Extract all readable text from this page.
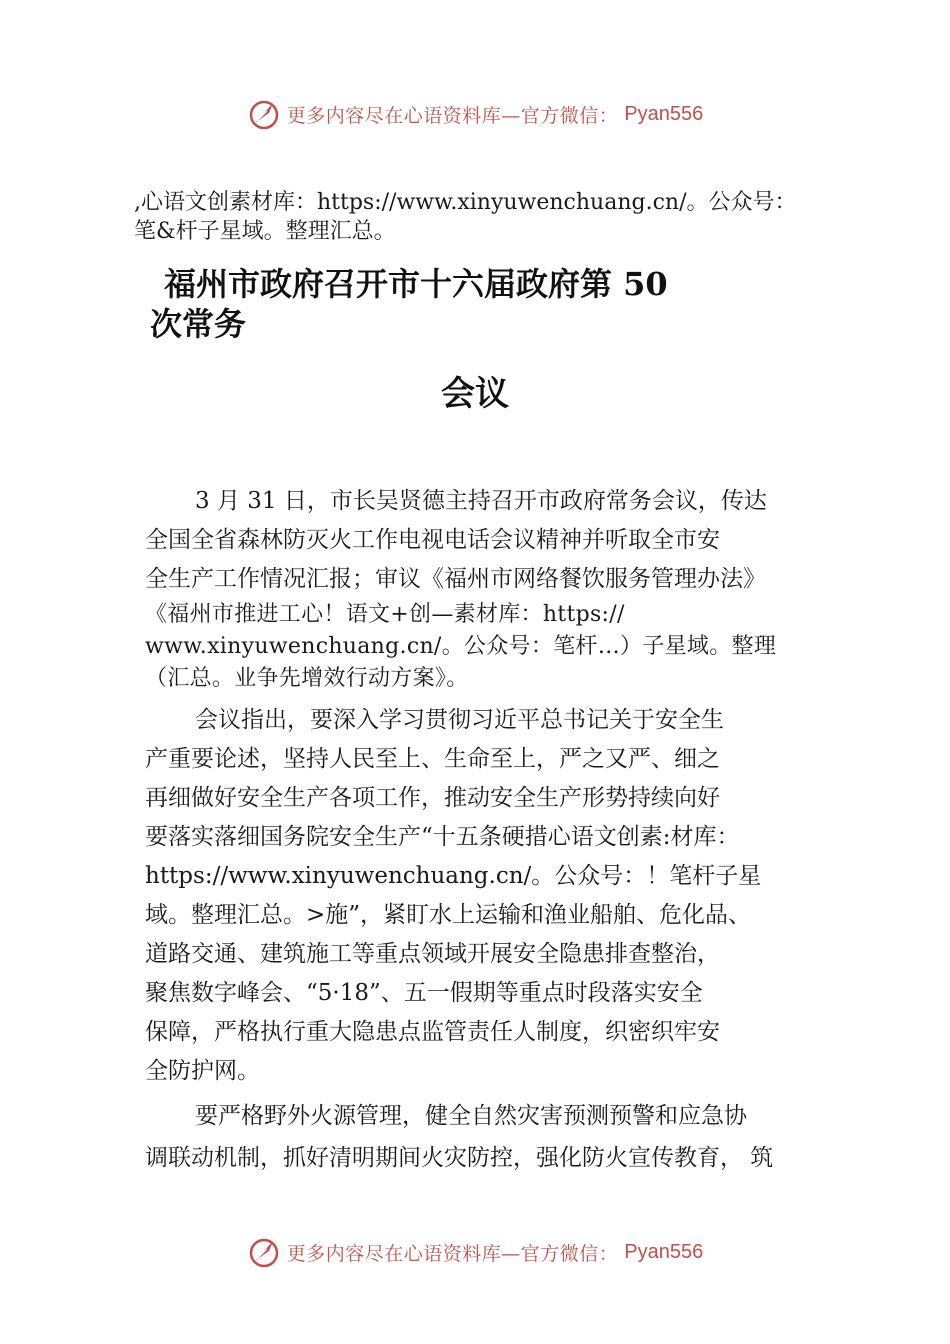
更多内容尽在心语资料库—官方微信： Pyan556
,心语文创素材库：https://www.xinyuwenchuang.cn/。公众号：
笔&杆子星域。整理汇总。
福州市政府召开市十六届政府第 50
次常务
会议
3 月 31 日，市长吴贤德主持召开市政府常务会议，传达
全国全省森林防灭火工作电视电话会议精神并听取全市安
全生产工作情况汇报；审议《福州市网络餐饮服务管理办法》
《福州市推进工心！语文+创—素材库：https://
www.xinyuwenchuang.cn/。公众号：笔杆…）子星域。整理
（汇总。业争先增效行动方案》。
会议指出，要深入学习贯彻习近平总书记关于安全生
产重要论述，坚持人民至上、生命至上，严之又严、细之
再细做好安全生产各项工作，推动安全生产形势持续向好
要落实落细国务院安全生产“十五条硬措心语文创素:材库：
https://www.xinyuwenchuang.cn/。公众号：！笔杆子星
域。整理汇总。>施”，紧盯水上运输和渔业船舶、危化品、
道路交通、建筑施工等重点领域开展安全隐患排查整治，
聚焦数字峰会、“5·18”、五一假期等重点时段落实安全
保障，严格执行重大隐患点监管责任人制度，织密织牢安
全防护网。
要严格野外火源管理，健全自然灾害预测预警和应急协
调联动机制，抓好清明期间火灾防控，强化防火宣传教育， 筑
更多内容尽在心语资料库—官方微信： Pyan556
